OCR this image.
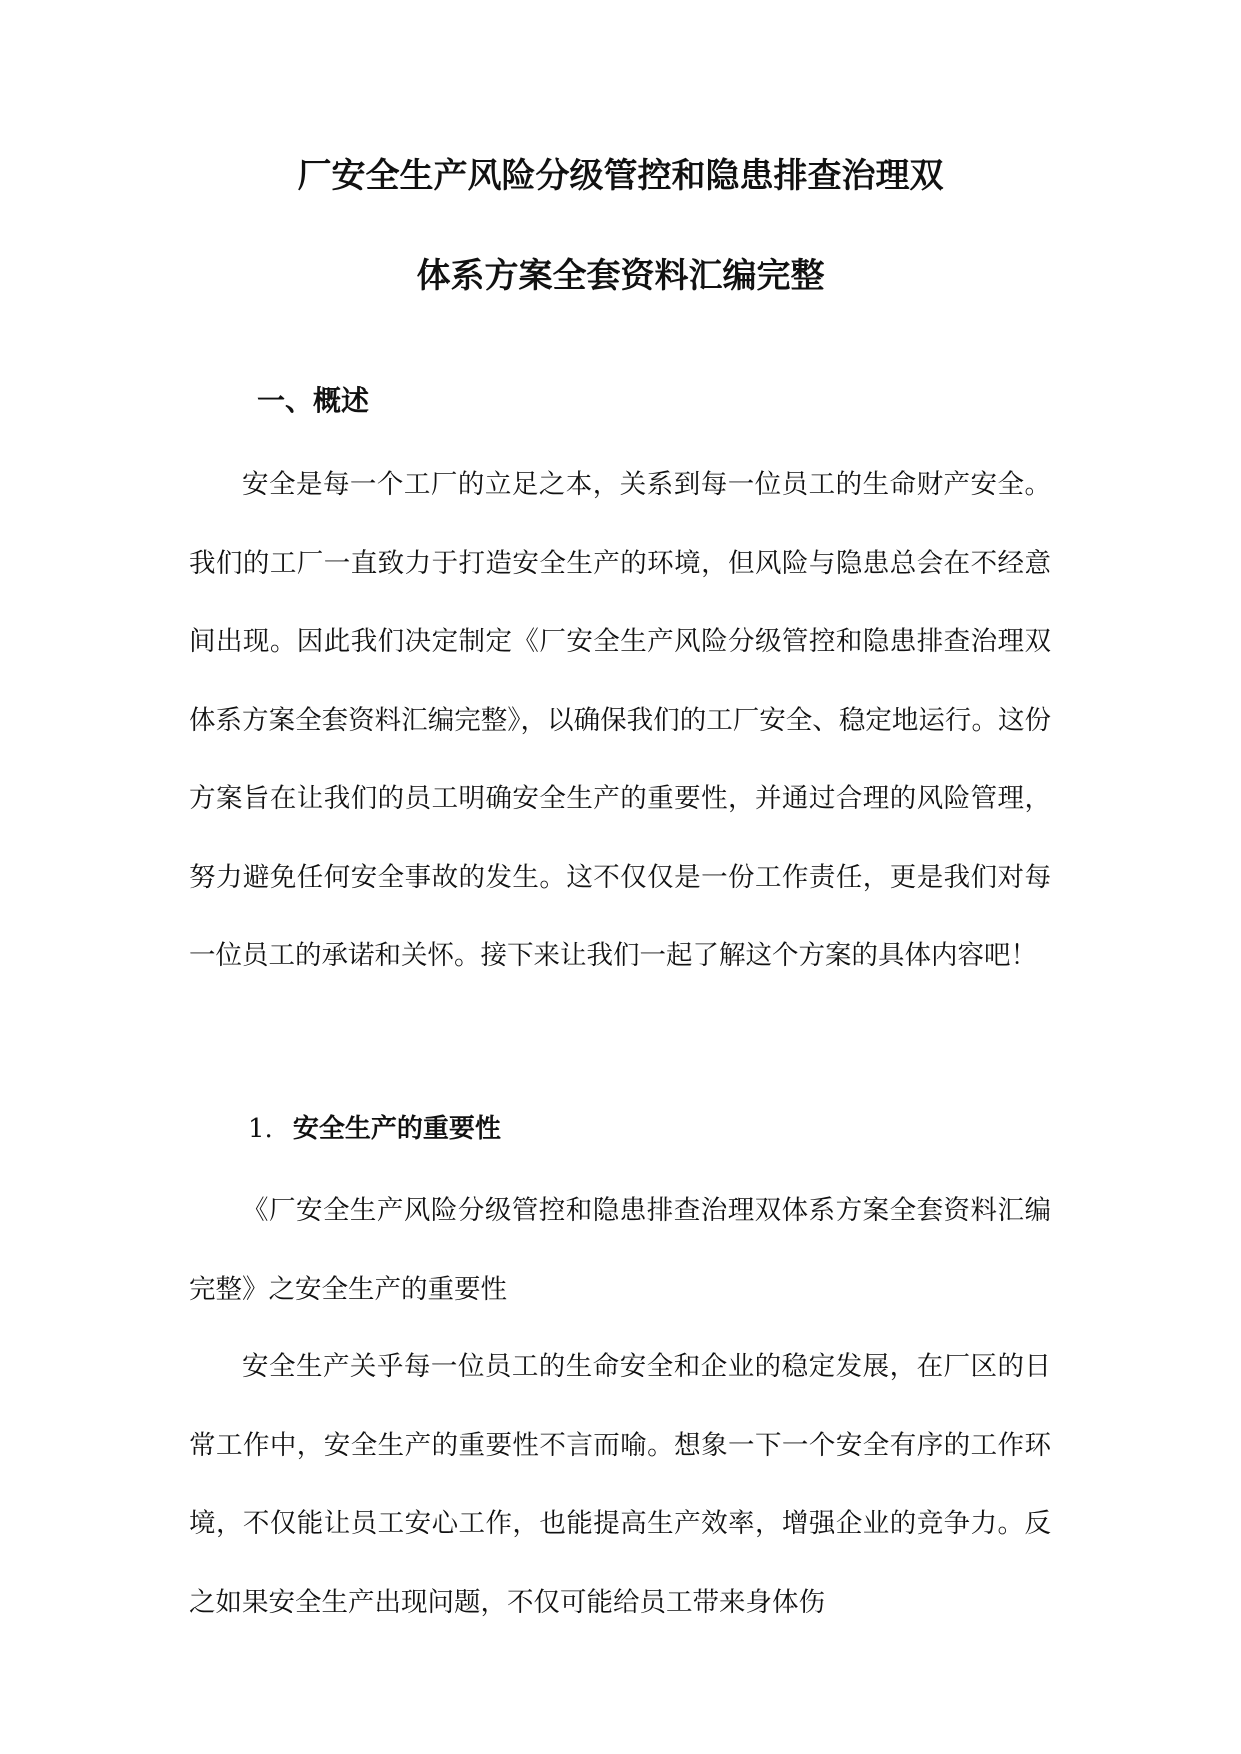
厂安全生产风险分级管控和隐患排查治理双
体系方案全套资料汇编完整
一、概述

安全是每一个工厂的立足之本，关系到每一位员工的生命财产安全。我们的工厂一直致力于打造安全生产的环境，但风险与隐患总会在不经意间出现。因此我们决定制定《厂安全生产风险分级管控和隐患排查治理双体系方案全套资料汇编完整》，以确保我们的工厂安全、稳定地运行。这份方案旨在让我们的员工明确安全生产的重要性，并通过合理的风险管理，努力避免任何安全事故的发生。这不仅仅是一份工作责任，更是我们对每一位员工的承诺和关怀。接下来让我们一起了解这个方案的具体内容吧！

1. 安全生产的重要性

《厂安全生产风险分级管控和隐患排查治理双体系方案全套资料汇编完整》之安全生产的重要性

安全生产关乎每一位员工的生命安全和企业的稳定发展，在厂区的日常工作中，安全生产的重要性不言而喻。想象一下一个安全有序的工作环境，不仅能让员工安心工作，也能提高生产效率，增强企业的竞争力。反之如果安全生产出现问题，不仅可能给员工带来身体伤
